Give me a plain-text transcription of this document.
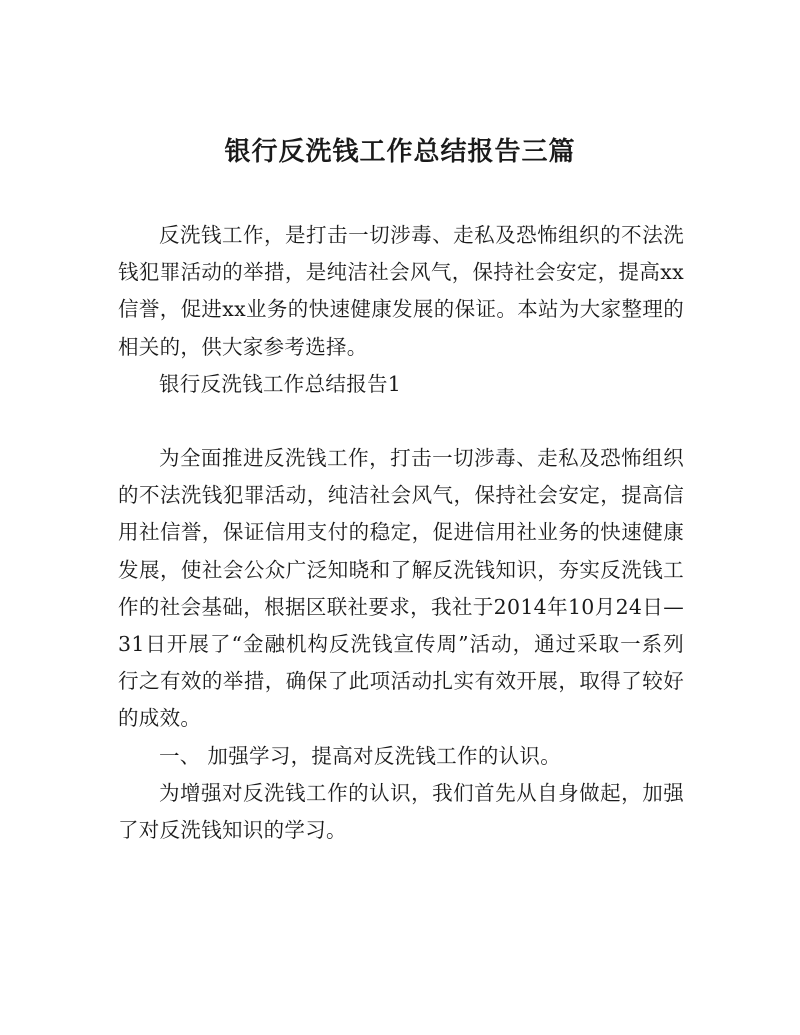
银行反洗钱工作总结报告三篇

反洗钱工作，是打击一切涉毒、走私及恐怖组织的不法洗钱犯罪活动的举措，是纯洁社会风气，保持社会安定，提高xx信誉，促进xx业务的快速健康发展的保证。本站为大家整理的相关的，供大家参考选择。

银行反洗钱工作总结报告1

为全面推进反洗钱工作，打击一切涉毒、走私及恐怖组织的不法洗钱犯罪活动，纯洁社会风气，保持社会安定，提高信用社信誉，保证信用支付的稳定，促进信用社业务的快速健康发展，使社会公众广泛知晓和了解反洗钱知识，夯实反洗钱工作的社会基础，根据区联社要求，我社于2014年10月24日—31日开展了“金融机构反洗钱宣传周”活动，通过采取一系列行之有效的举措，确保了此项活动扎实有效开展，取得了较好的成效。

一、 加强学习，提高对反洗钱工作的认识。

为增强对反洗钱工作的认识，我们首先从自身做起，加强了对反洗钱知识的学习。
